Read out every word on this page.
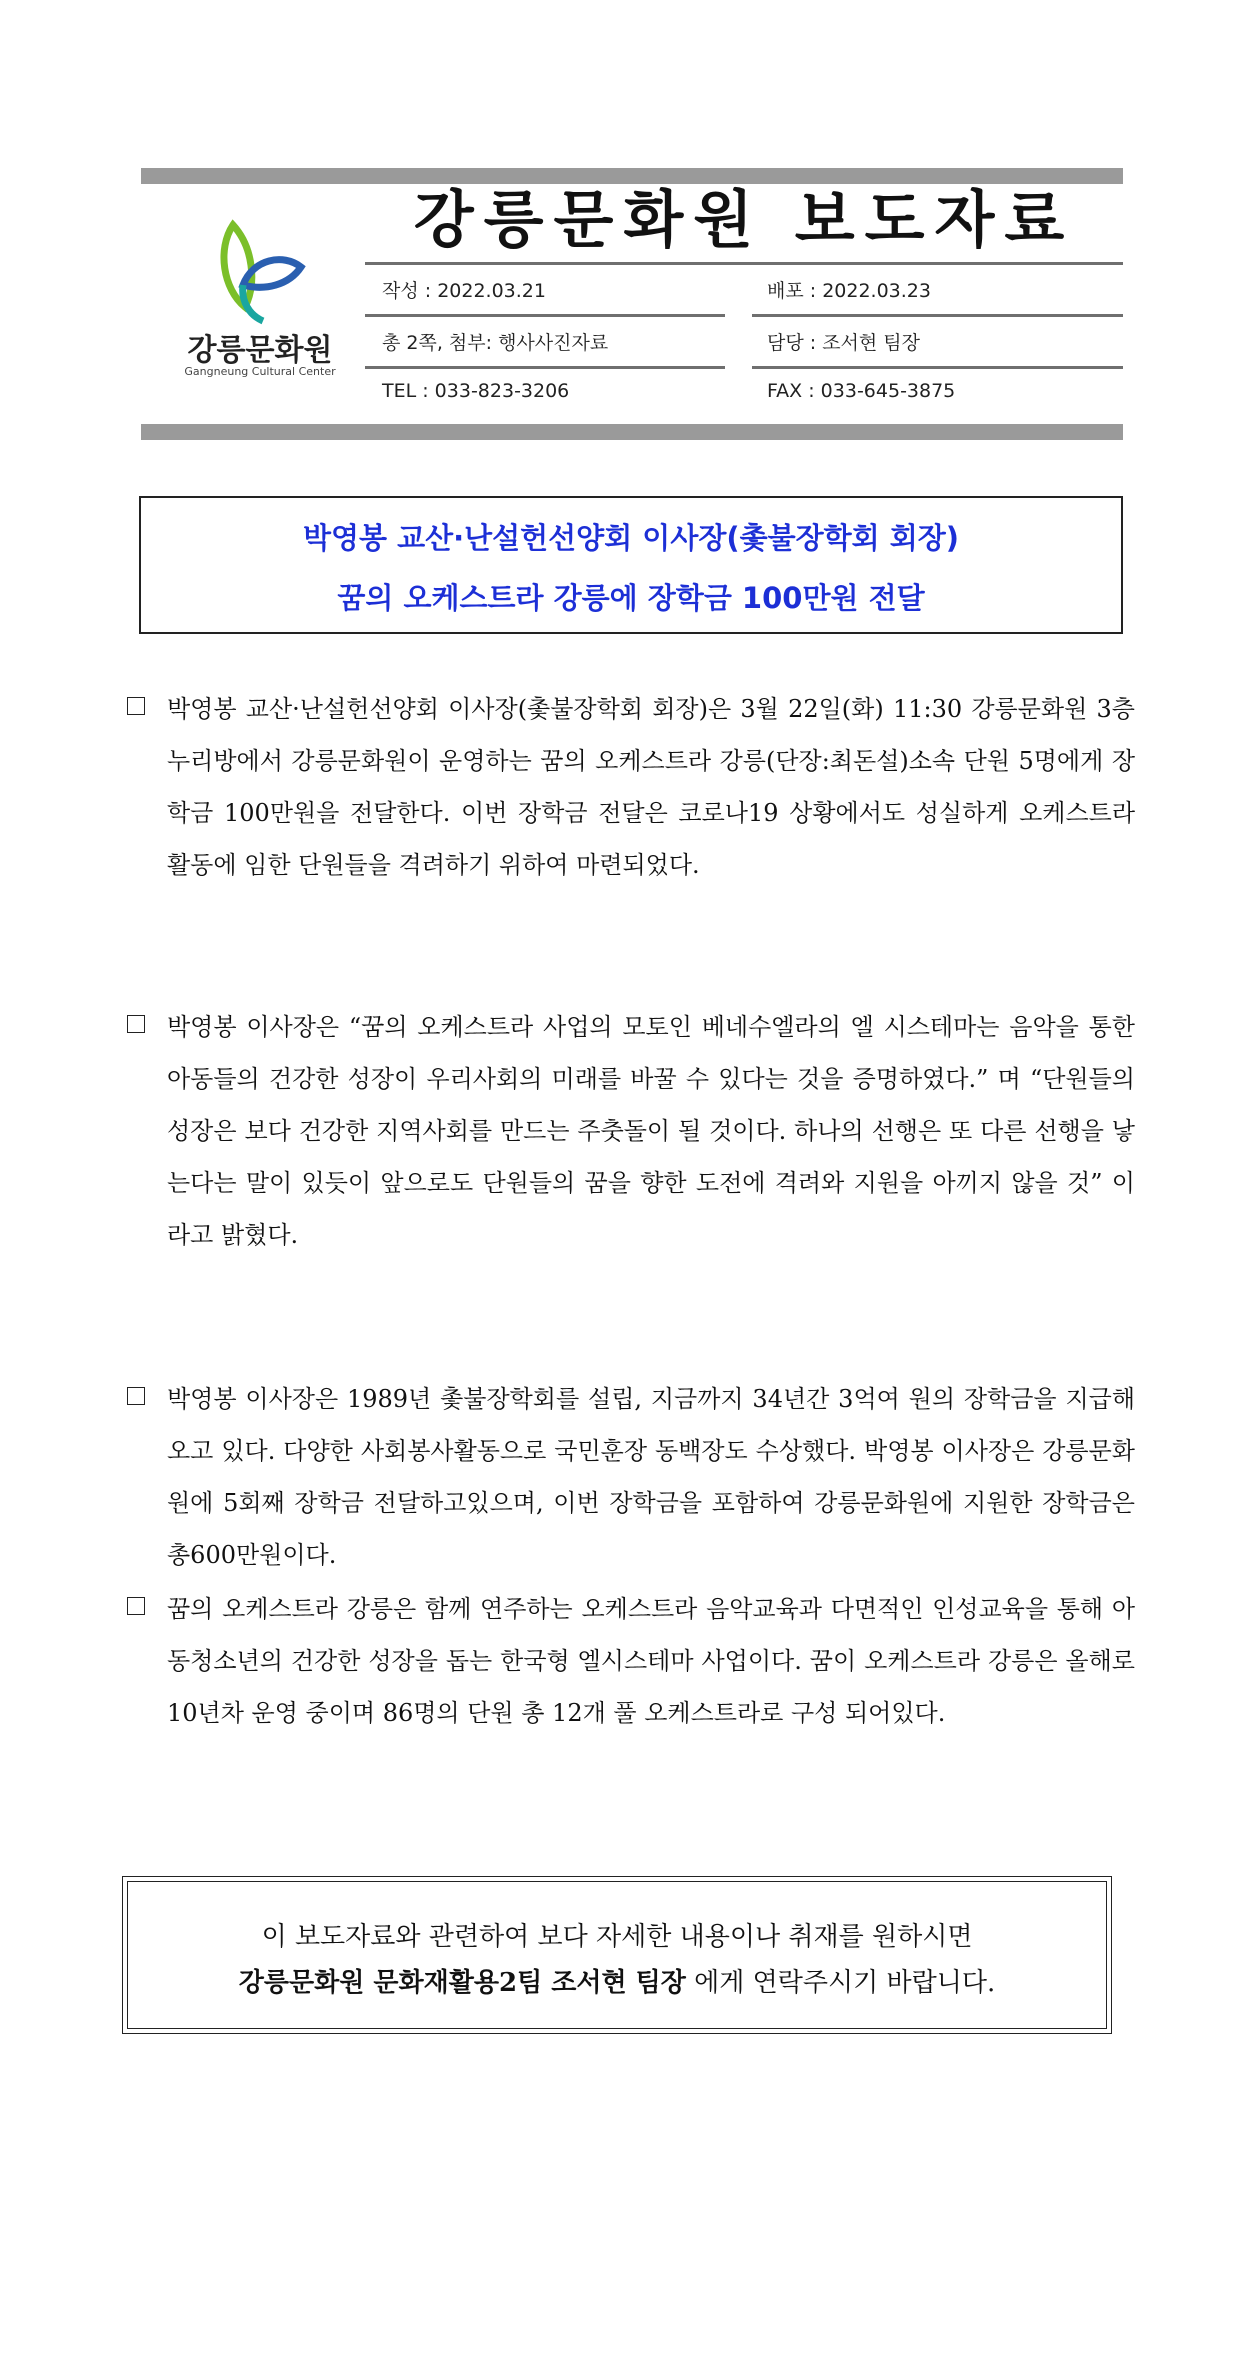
강릉문화원
Gangneung Cultural Center
강릉문화원 보도자료
작성 : 2022.03.21	배포 : 2022.03.23
총 2쪽, 첨부: 행사사진자료	담당 : 조서현 팀장
TEL : 033-823-3206	FAX : 033-645-3875
박영봉 교산·난설헌선양회 이사장(촟불장학회 회장)
꿈의 오케스트라 강릉에 장학금 100만원 전달
박영봉 교산·난설헌선양회 이사장(촟불장학회 회장)은 3월 22일(화) 11:30 강릉문화원 3층 누리방에서 강릉문화원이 운영하는 꿈의 오케스트라 강릉(단장:최돈설)소속 단원 5명에게 장학금 100만원을 전달한다. 이번 장학금 전달은 코로나19 상황에서도 성실하게 오케스트라 활동에 임한 단원들을 격려하기 위하여 마련되었다.
박영봉 이사장은 “꿈의 오케스트라 사업의 모토인 베네수엘라의 엘 시스테마는 음악을 통한 아동들의 건강한 성장이 우리사회의 미래를 바꿀 수 있다는 것을 증명하였다.” 며 “단원들의 성장은 보다 건강한 지역사회를 만드는 주춧돌이 될 것이다. 하나의 선행은 또 다른 선행을 낳는다는 말이 있듯이 앞으로도 단원들의 꿈을 향한 도전에 격려와 지원을 아끼지 않을 것” 이라고 밝혔다.
박영봉 이사장은 1989년 촟불장학회를 설립, 지금까지 34년간 3억여 원의 장학금을 지급해오고 있다. 다양한 사회봉사활동으로 국민훈장 동백장도 수상했다. 박영봉 이사장은 강릉문화원에 5회째 장학금 전달하고있으며, 이번 장학금을 포함하여 강릉문화원에 지원한 장학금은 총600만원이다.
꿈의 오케스트라 강릉은 함께 연주하는 오케스트라 음악교육과 다면적인 인성교육을 통해 아동청소년의 건강한 성장을 돕는 한국형 엘시스테마 사업이다. 꿈이 오케스트라 강릉은 올해로 10년차 운영 중이며 86명의 단원 총 12개 풀 오케스트라로 구성 되어있다.
이 보도자료와 관련하여 보다 자세한 내용이나 취재를 원하시면
강릉문화원 문화재활용2팀 조서현 팀장 에게 연락주시기 바랍니다.
